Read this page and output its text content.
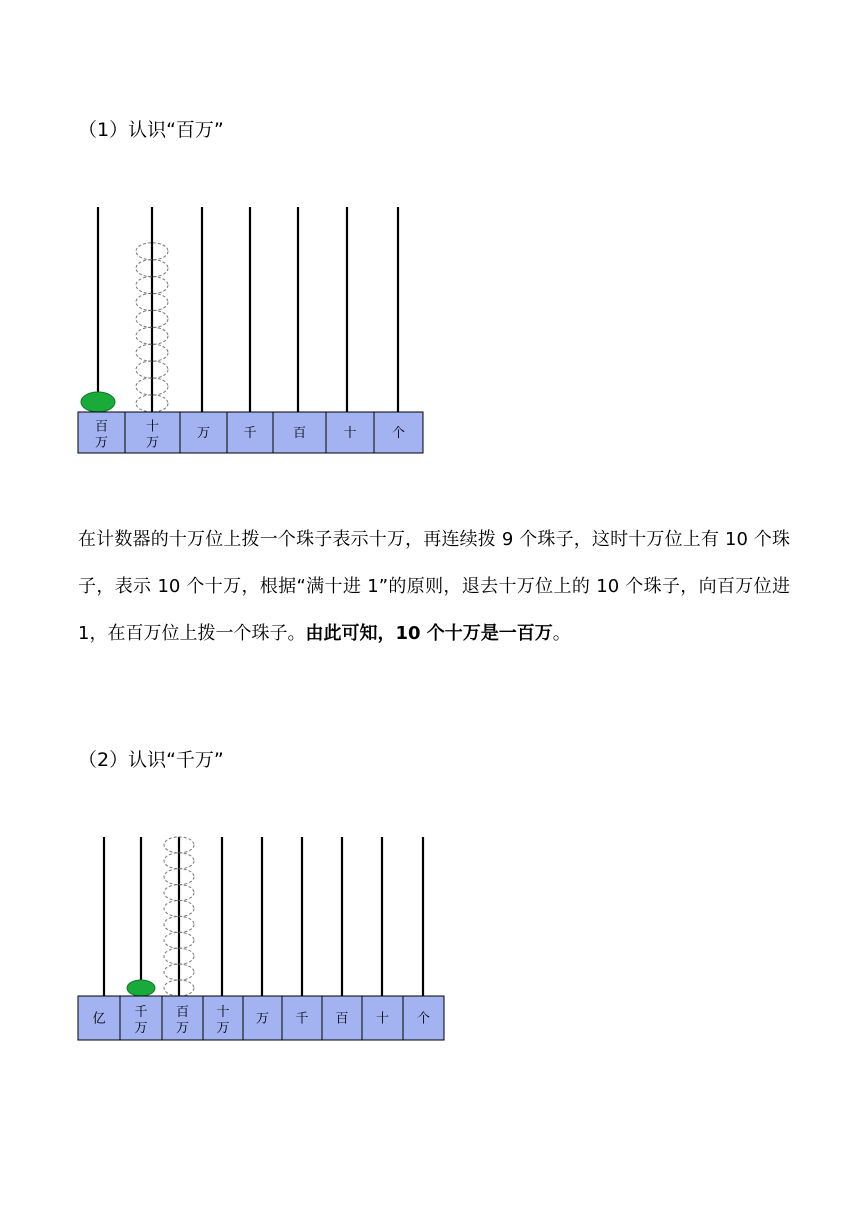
（1）认识“百万”
百万
十万
万	千	百	十	个

在计数器的十万位上拨一个珠子表示十万，再连续拨 9 个珠子，这时十万位上有 10 个珠子，表示 10 个十万，根据“满十进 1”的原则，退去十万位上的 10 个珠子，向百万位进 1，在百万位上拨一个珠子。由此可知，10 个十万是一百万。

（2）认识“千万”
亿 千万
百万
十万
万 千 百 十 个
